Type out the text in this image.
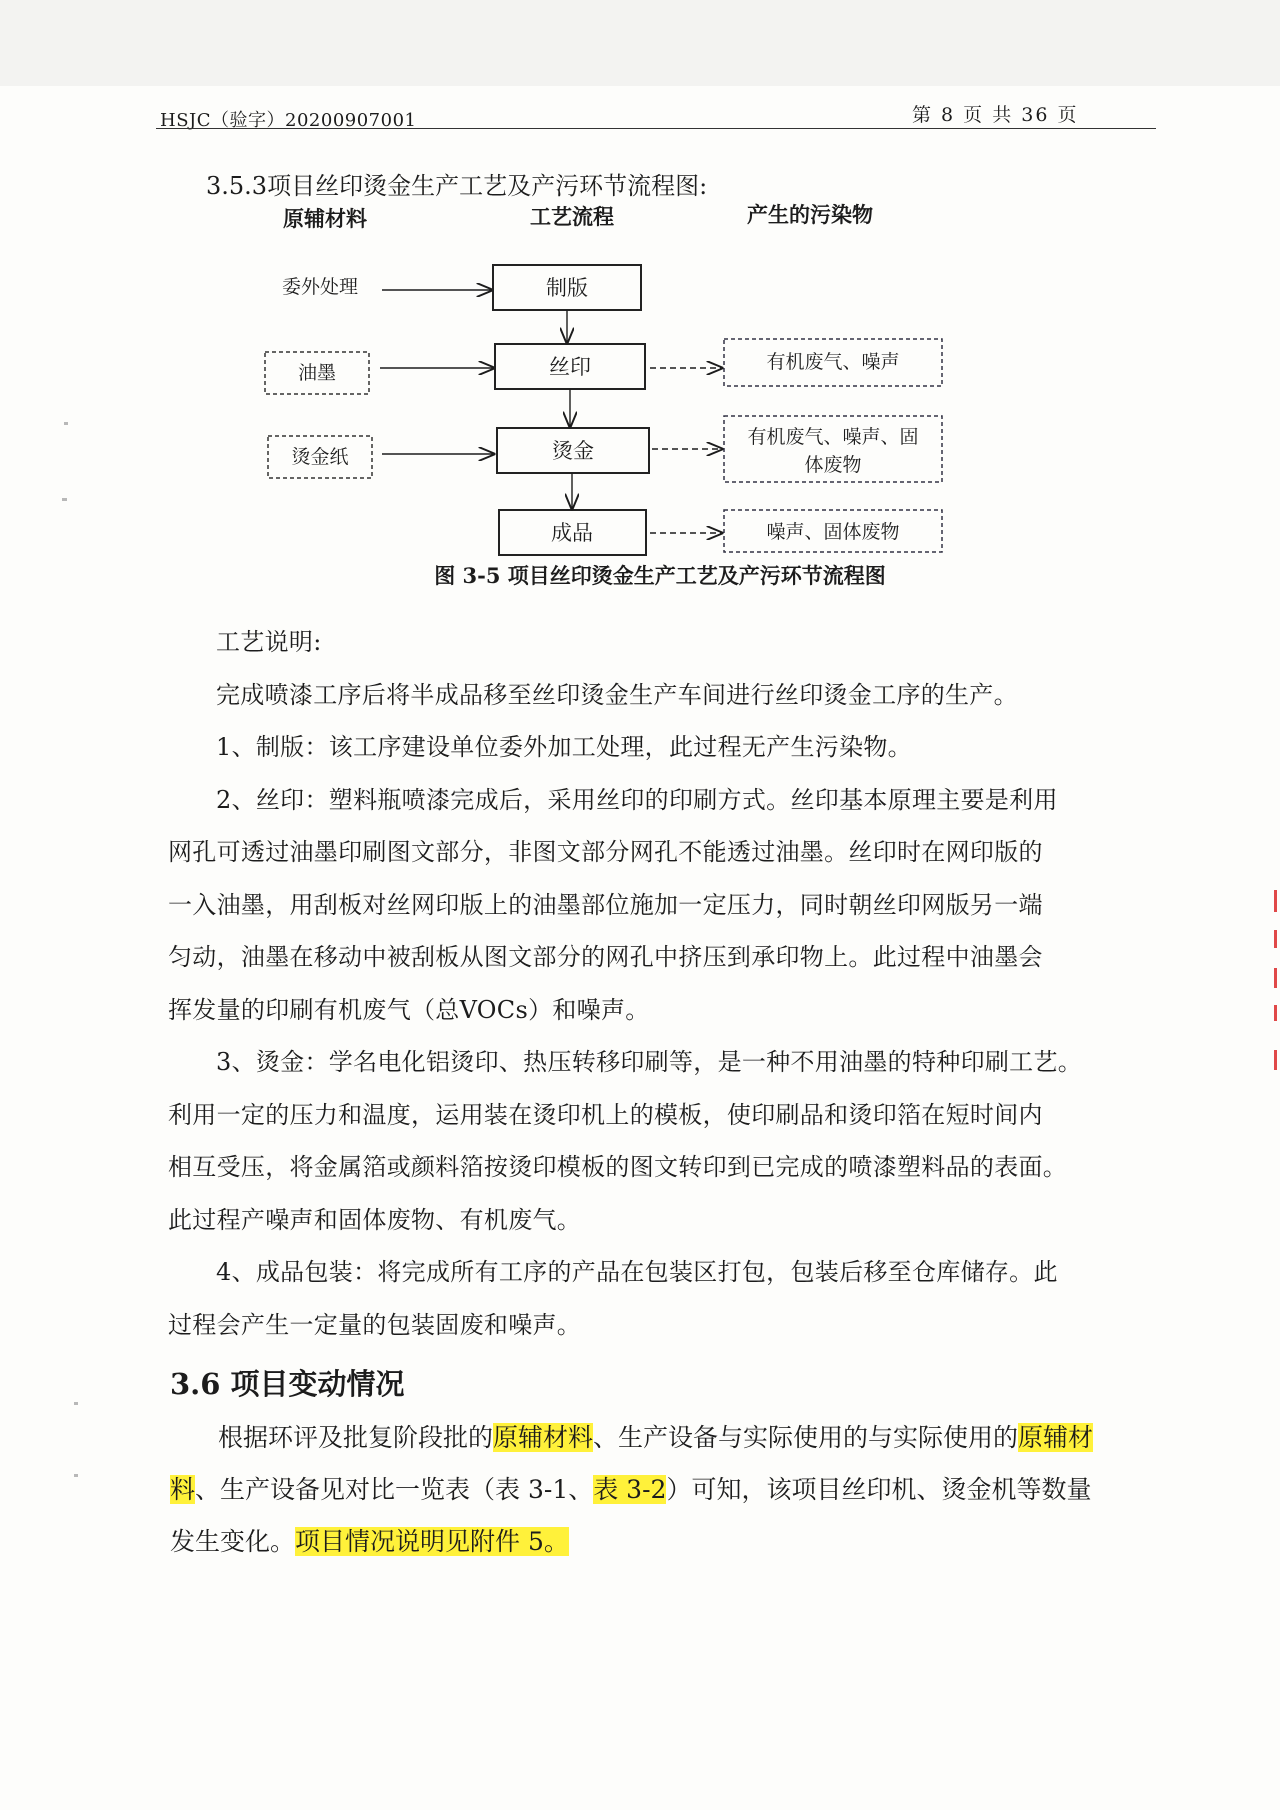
HSJC（验字）20200907001	第 8 页 共 36 页
3.5.3项目丝印烫金生产工艺及产污环节流程图:
原辅材料	工艺流程	产生的污染物
委外处理
油墨
烫金纸
制版
丝印
烫金
成品
有机废气、噪声
有机废气、噪声、固
体废物
噪声、固体废物
图 3-5 项目丝印烫金生产工艺及产污环节流程图

工艺说明:

完成喷漆工序后将半成品移至丝印烫金生产车间进行丝印烫金工序的生产。

1、制版：该工序建设单位委外加工处理，此过程无产生污染物。

2、丝印：塑料瓶喷漆完成后，采用丝印的印刷方式。丝印基本原理主要是利用

网孔可透过油墨印刷图文部分，非图文部分网孔不能透过油墨。丝印时在网印版的

一入油墨，用刮板对丝网印版上的油墨部位施加一定压力，同时朝丝印网版另一端

匀动，油墨在移动中被刮板从图文部分的网孔中挤压到承印物上。此过程中油墨会

挥发量的印刷有机废气（总VOCs）和噪声。

3、烫金：学名电化铝烫印、热压转移印刷等，是一种不用油墨的特种印刷工艺。

利用一定的压力和温度，运用装在烫印机上的模板，使印刷品和烫印箔在短时间内

相互受压，将金属箔或颜料箔按烫印模板的图文转印到已完成的喷漆塑料品的表面。

此过程产噪声和固体废物、有机废气。

4、成品包装：将完成所有工序的产品在包装区打包，包装后移至仓库储存。此

过程会产生一定量的包装固废和噪声。

3.6 项目变动情况
根据环评及批复阶段批的原辅材料、生产设备与实际使用的与实际使用的原辅材料、生产设备见对比一览表（表 3-1、表 3-2）可知，该项目丝印机、烫金机等数量发生变化。项目情况说明见附件 5。
